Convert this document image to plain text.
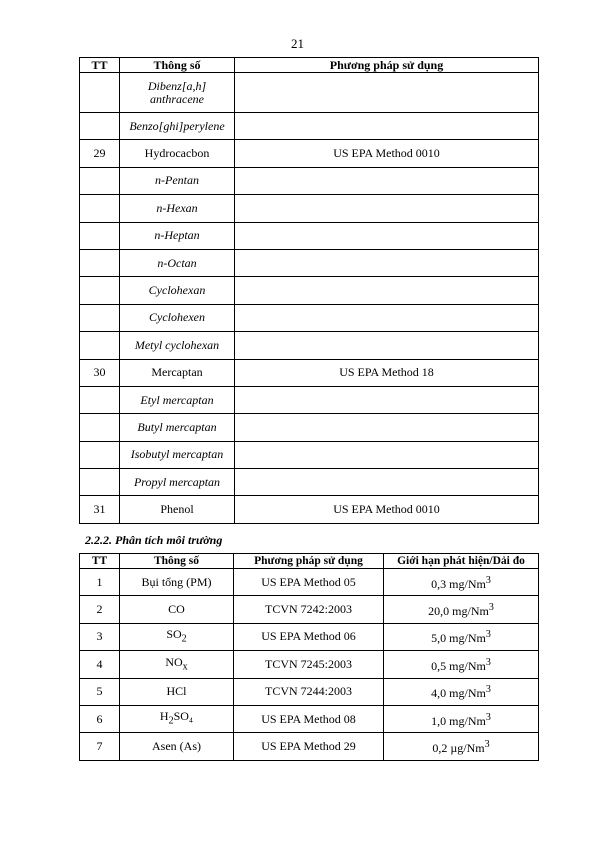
21
TT	Thông số	Phương pháp sử dụng
	Dibenz[a,h] anthracene	
	Benzo[ghi]perylene	
29	Hydrocacbon	US EPA Method 0010
	n-Pentan	
	n-Hexan	
	n-Heptan	
	n-Octan	
	Cyclohexan	
	Cyclohexen	
	Metyl cyclohexan	
30	Mercaptan	US EPA Method 18
	Etyl mercaptan	
	Butyl mercaptan	
	Isobutyl mercaptan	
	Propyl mercaptan	
31	Phenol	US EPA Method 0010
2.2.2. Phân tích môi trường
TT	Thông số	Phương pháp sử dụng	Giới hạn phát hiện/Dải đo
1	Bụi tổng (PM)	US EPA Method 05	0,3 mg/Nm$^3$
2	CO	TCVN 7242:2003	20,0 mg/Nm$^3$
3	$SO_2$	US EPA Method 06	5,0 mg/Nm$^3$
4	$NO_x$	TCVN 7245:2003	0,5 mg/Nm$^3$
5	HCl	TCVN 7244:2003	4,0 mg/Nm$^3$
6	$H_2SO_4$	US EPA Method 08	1,0 mg/Nm$^3$
7	Asen (As)	US EPA Method 29	0,2 µg/Nm$^3$
